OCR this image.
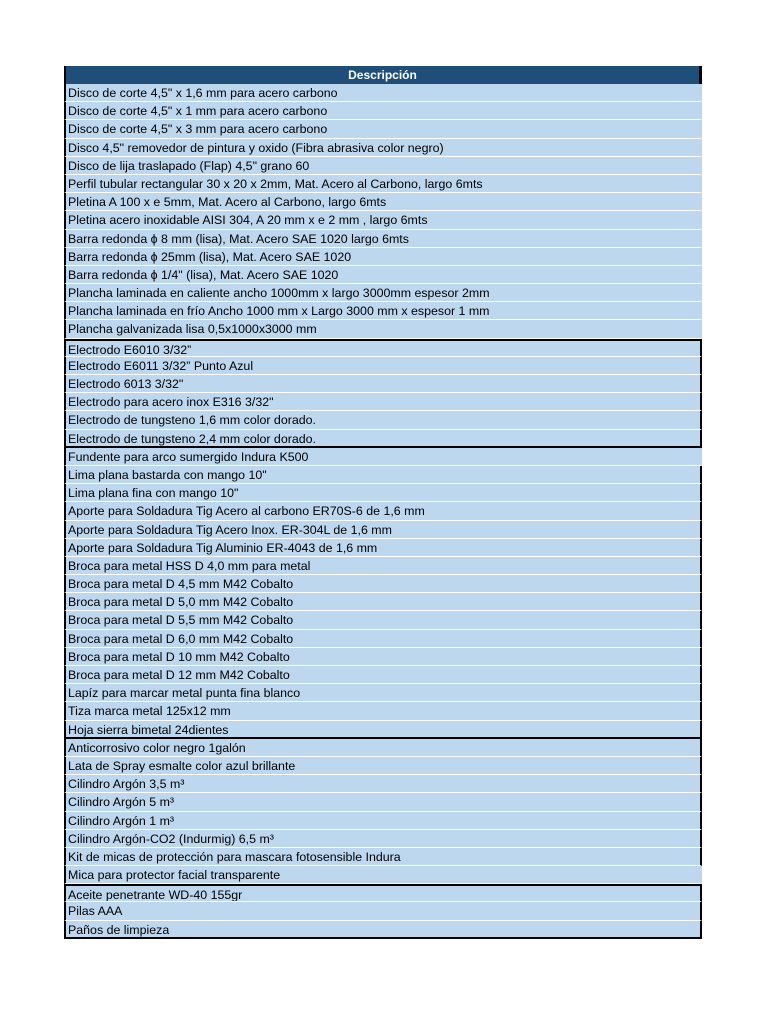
Descripción
Disco de corte 4,5" x 1,6 mm para acero carbono
Disco de corte 4,5" x 1 mm para acero carbono
Disco de corte 4,5" x 3 mm para acero carbono
Disco 4,5" removedor de pintura y oxido (Fibra abrasiva color negro)
Disco de lija traslapado (Flap) 4,5" grano 60
Perfil tubular rectangular 30 x 20 x 2mm, Mat. Acero al Carbono, largo 6mts
Pletina A 100 x e 5mm, Mat. Acero al Carbono, largo 6mts
Pletina acero inoxidable AISI 304, A 20 mm x e 2 mm , largo 6mts
Barra redonda ϕ 8 mm (lisa), Mat. Acero SAE 1020 largo 6mts
Barra redonda ϕ 25mm (lisa), Mat. Acero SAE 1020
Barra redonda ϕ 1/4" (lisa), Mat. Acero SAE 1020
Plancha laminada en caliente ancho 1000mm x largo 3000mm espesor 2mm
Plancha laminada en frío Ancho 1000 mm x Largo 3000 mm x espesor 1 mm
Plancha galvanizada lisa 0,5x1000x3000 mm
Electrodo E6010 3/32”
Electrodo E6011 3/32” Punto Azul
Electrodo 6013 3/32"
Electrodo para acero inox E316 3/32"
Electrodo de tungsteno 1,6 mm color dorado.
Electrodo de tungsteno 2,4 mm color dorado.
Fundente para arco sumergido Indura K500
Lima plana bastarda con mango 10"
Lima plana fina con mango 10"
Aporte para Soldadura Tig Acero al carbono ER70S-6 de 1,6 mm
Aporte para Soldadura Tig Acero Inox. ER-304L de 1,6 mm
Aporte para Soldadura Tig Aluminio ER-4043 de 1,6 mm
Broca para metal HSS D 4,0 mm para metal
Broca para metal D 4,5 mm M42 Cobalto
Broca para metal D 5,0 mm M42 Cobalto
Broca para metal D 5,5 mm M42 Cobalto
Broca para metal D 6,0 mm M42 Cobalto
Broca para metal D 10 mm M42 Cobalto
Broca para metal D 12 mm M42 Cobalto
Lapíz para marcar metal punta fina blanco
Tiza marca metal 125x12 mm
Hoja sierra bimetal 24dientes
Anticorrosivo color negro 1galón
Lata de Spray esmalte color azul brillante
Cilindro Argón 3,5 m³
Cilindro Argón 5 m³
Cilindro Argón 1 m³
Cilindro Argón-CO2 (Indurmig) 6,5 m³
Kit de micas de protección para mascara fotosensible Indura
Mica para protector facial transparente
Aceite penetrante WD-40 155gr
Pilas AAA
Paños de limpieza
